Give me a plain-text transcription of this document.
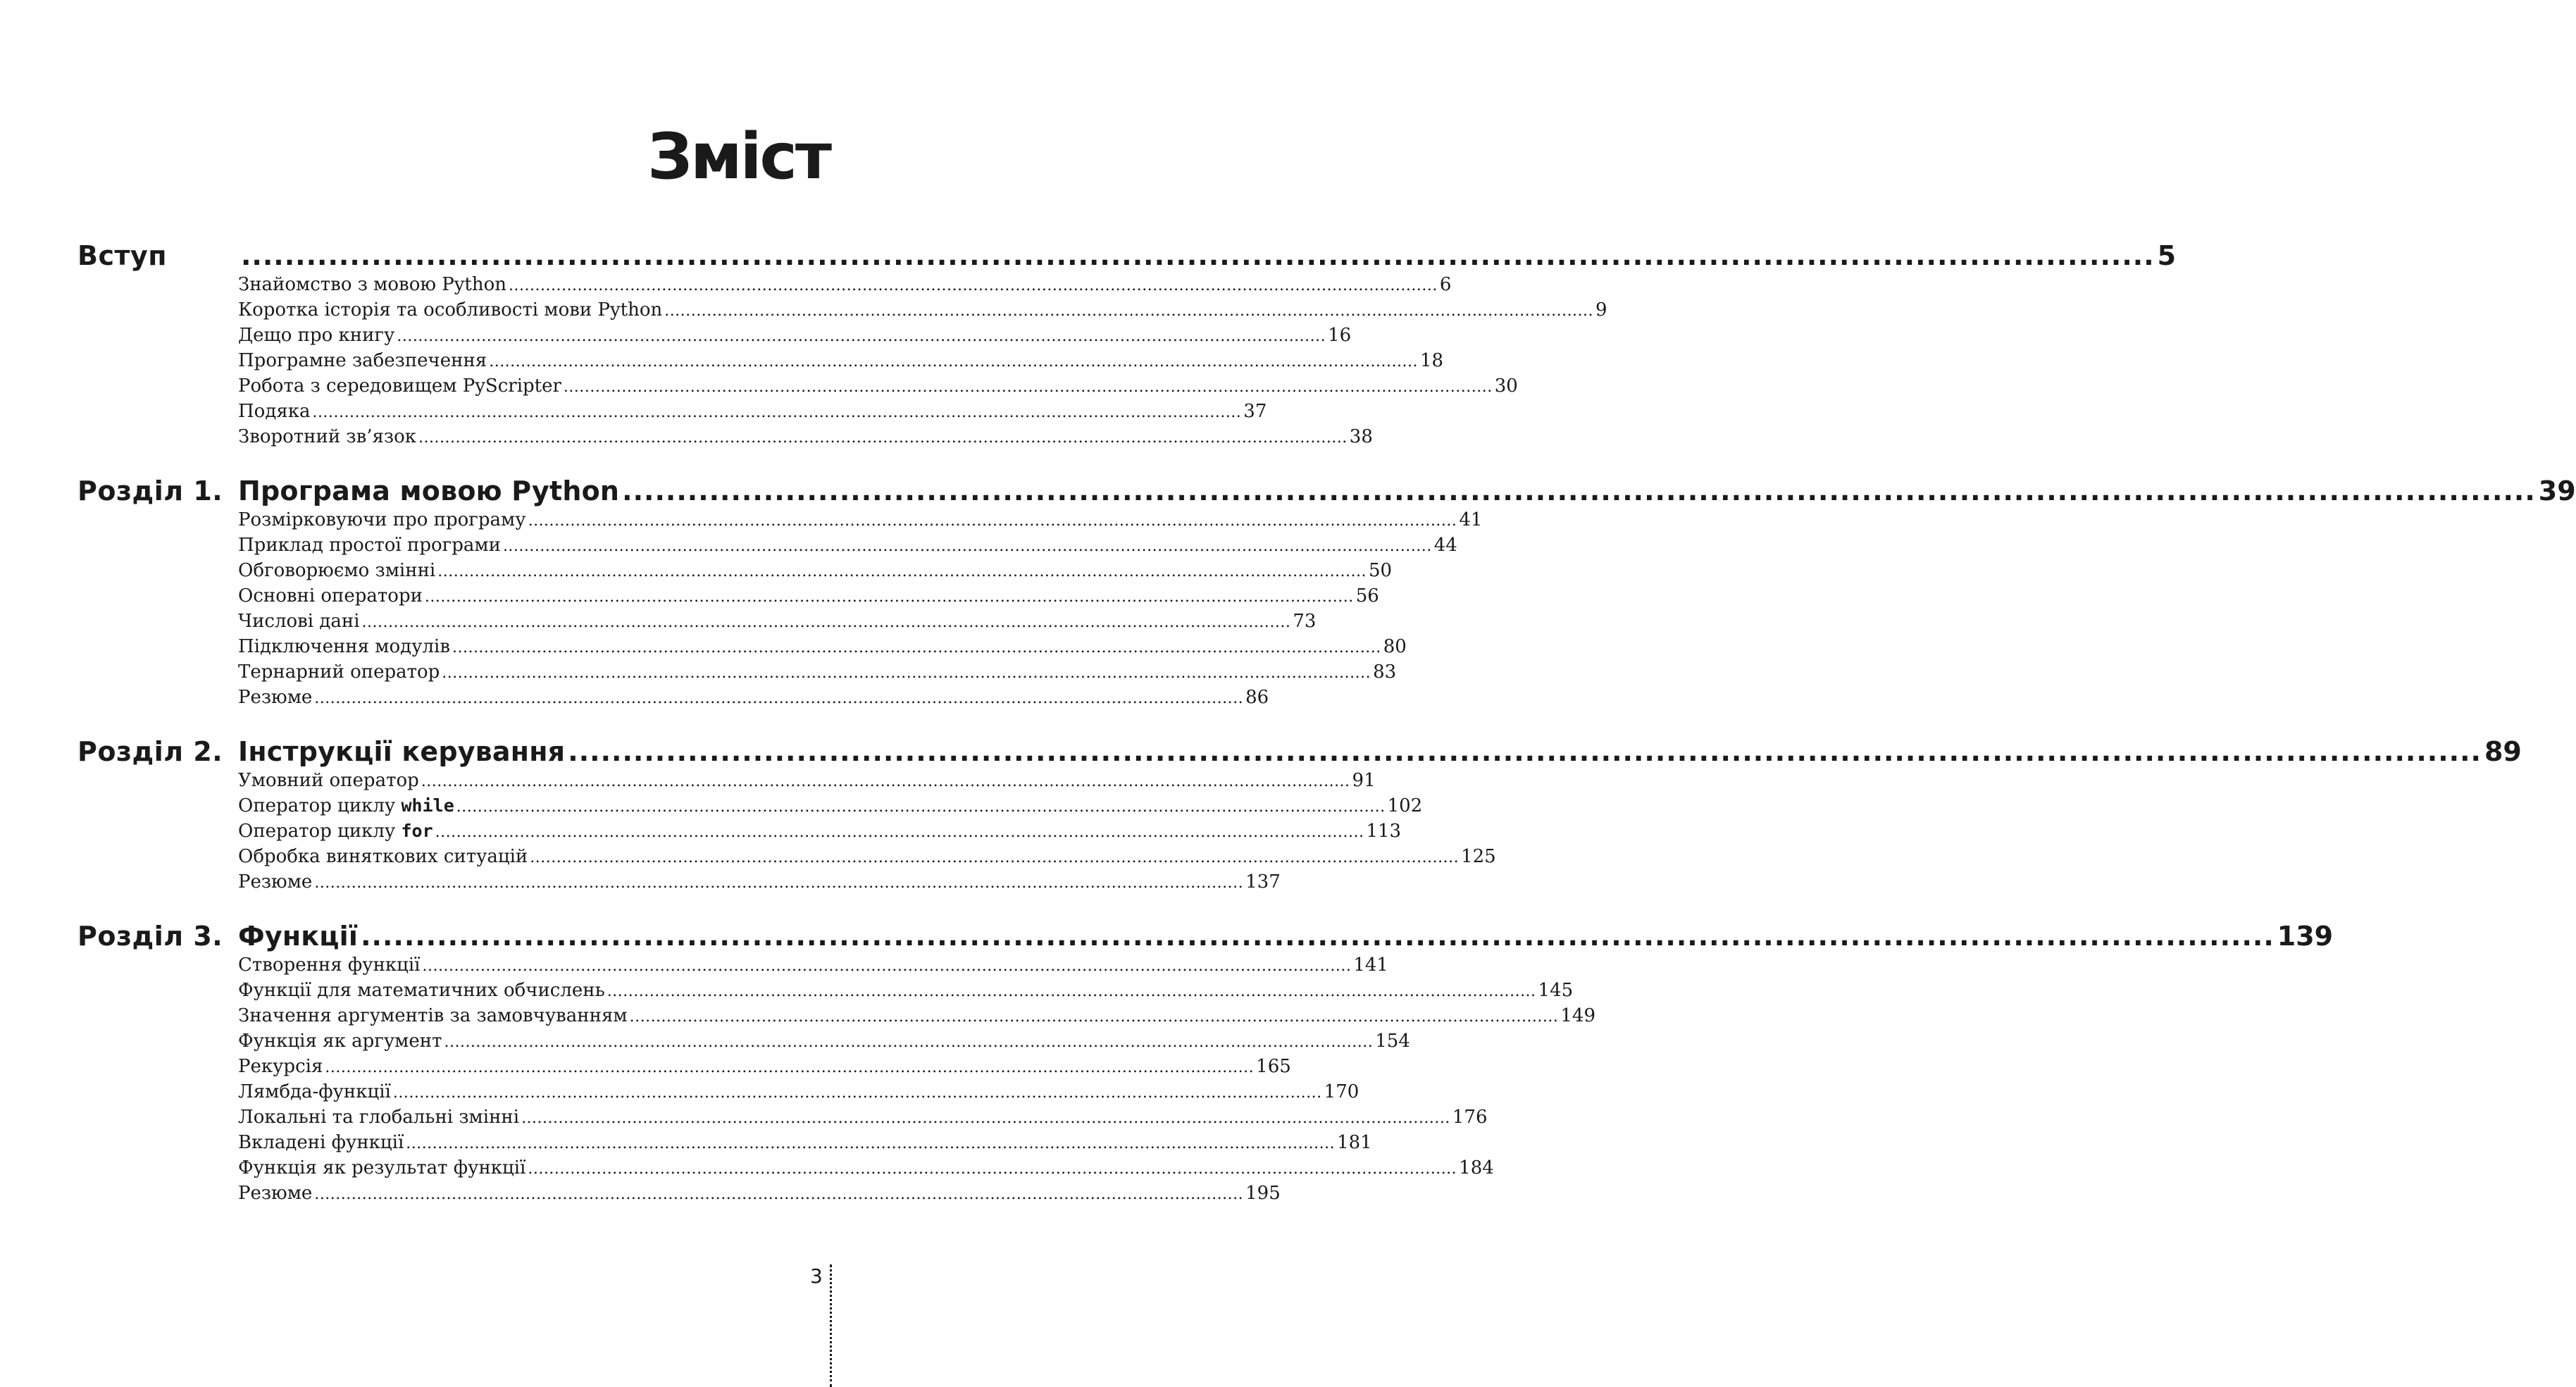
Зміст
Вступ	................................................................................................................................................................................ 5
Знайомство з мовою Python ................................................................................................................................................................................ 6
Коротка історія та особливості мови Python ................................................................................................................................................................................ 9
Дещо про книгу ................................................................................................................................................................................ 16
Програмне забезпечення ................................................................................................................................................................................ 18
Робота з середовищем PyScripter ................................................................................................................................................................................ 30
Подяка ................................................................................................................................................................................ 37
Зворотний зв’язок ................................................................................................................................................................................ 38
Розділ 1. Програма мовою Python ................................................................................................................................................................................ 39
Розмірковуючи про програму ................................................................................................................................................................................ 41
Приклад простої програми ................................................................................................................................................................................ 44
Обговорюємо змінні ................................................................................................................................................................................ 50
Основні оператори ................................................................................................................................................................................ 56
Числові дані ................................................................................................................................................................................ 73
Підключення модулів ................................................................................................................................................................................ 80
Тернарний оператор ................................................................................................................................................................................ 83
Резюме ................................................................................................................................................................................ 86
Розділ 2. Інструкції керування ................................................................................................................................................................................ 89
Умовний оператор ................................................................................................................................................................................ 91
Оператор циклу while ................................................................................................................................................................................ 102
Оператор циклу for ................................................................................................................................................................................ 113
Обробка виняткових ситуацій ................................................................................................................................................................................ 125
Резюме ................................................................................................................................................................................ 137
Розділ 3. Функції ................................................................................................................................................................................ 139
Створення функції ................................................................................................................................................................................ 141
Функції для математичних обчислень ................................................................................................................................................................................ 145
Значення аргументів за замовчуванням ................................................................................................................................................................................ 149
Функція як аргумент ................................................................................................................................................................................ 154
Рекурсія ................................................................................................................................................................................ 165
Лямбда-функції ................................................................................................................................................................................ 170
Локальні та глобальні змінні ................................................................................................................................................................................ 176
Вкладені функції ................................................................................................................................................................................ 181
Функція як результат функції ................................................................................................................................................................................ 184
Резюме ................................................................................................................................................................................ 195
3
